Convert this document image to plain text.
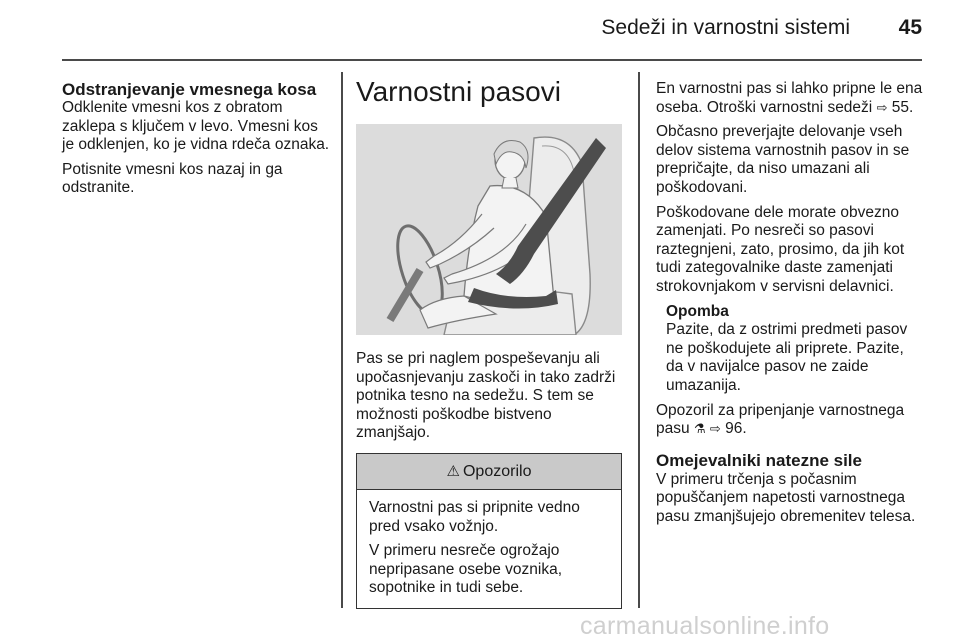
Sedeži in varnostni sistemi	45
Odstranjevanje vmesnega kosa

Odklenite vmesni kos z obratom zaklepa s ključem v levo. Vmesni kos je odklenjen, ko je vidna rdeča oznaka.

Potisnite vmesni kos nazaj in ga odstranite.

Varnostni pasovi

Pas se pri naglem pospeševanju ali upočasnjevanju zaskoči in tako zadrži potnika tesno na sedežu. S tem se možnosti poškodbe bistveno zmanjšajo.

⚠ Opozorilo

Varnostni pas si pripnite vedno pred vsako vožnjo.

V primeru nesreče ogrožajo nepripasane osebe voznika, sopotnike in tudi sebe.

En varnostni pas si lahko pripne le ena oseba. Otroški varnostni sedeži ⇨ 55.

Občasno preverjajte delovanje vseh delov sistema varnostnih pasov in se prepričajte, da niso umazani ali poškodovani.

Poškodovane dele morate obvezno zamenjati. Po nesreči so pasovi raztegnjeni, zato, prosimo, da jih kot tudi zategovalnike daste zamenjati strokovnjakom v servisni delavnici.

Opomba
Pazite, da z ostrimi predmeti pasov ne poškodujete ali priprete. Pazite, da v navijalce pasov ne zaide umazanija.

Opozoril za pripenjanje varnostnega pasu ⚗ ⇨ 96.

Omejevalniki natezne sile

V primeru trčenja s počasnim popuščanjem napetosti varnostnega pasu zmanjšujejo obremenitev telesa.

carmanualsonline.info
